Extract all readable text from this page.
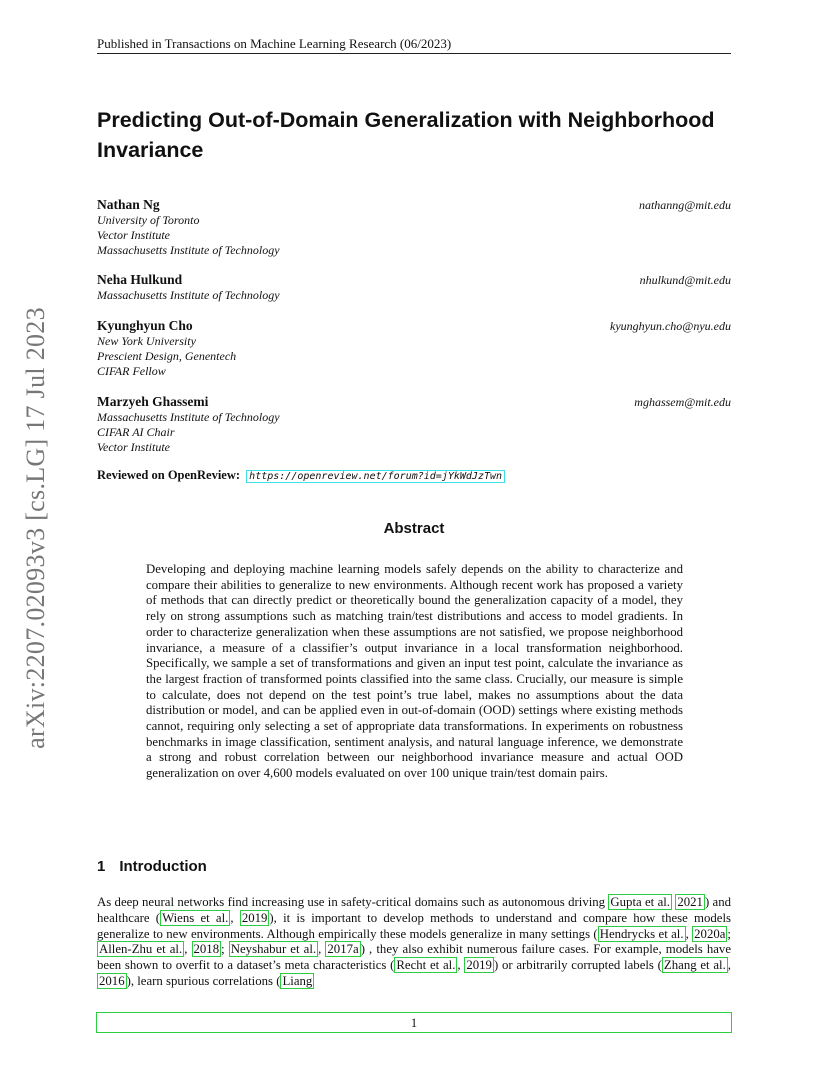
Published in Transactions on Machine Learning Research (06/2023)
arXiv:2207.02093v3 [cs.LG] 17 Jul 2023
Predicting Out-of-Domain Generalization with Neighborhood Invariance
Nathan Ng	nathanng@mit.edu
University of Toronto
Vector Institute
Massachusetts Institute of Technology
Neha Hulkund	nhulkund@mit.edu
Massachusetts Institute of Technology
Kyunghyun Cho	kyunghyun.cho@nyu.edu
New York University
Prescient Design, Genentech
CIFAR Fellow
Marzyeh Ghassemi	mghassem@mit.edu
Massachusetts Institute of Technology
CIFAR AI Chair
Vector Institute
Reviewed on OpenReview: https://openreview.net/forum?id=jYkWdJzTwn
Abstract
Developing and deploying machine learning models safely depends on the ability to characterize and compare their abilities to generalize to new environments. Although recent work has proposed a variety of methods that can directly predict or theoretically bound the generalization capacity of a model, they rely on strong assumptions such as matching train/test distributions and access to model gradients. In order to characterize generalization when these assumptions are not satisfied, we propose neighborhood invariance, a measure of a classifier’s output invariance in a local transformation neighborhood. Specifically, we sample a set of transformations and given an input test point, calculate the invariance as the largest fraction of transformed points classified into the same class. Crucially, our measure is simple to calculate, does not depend on the test point’s true label, makes no assumptions about the data distribution or model, and can be applied even in out-of-domain (OOD) settings where existing methods cannot, requiring only selecting a set of appropriate data transformations. In experiments on robustness benchmarks in image classification, sentiment analysis, and natural language inference, we demonstrate a strong and robust correlation between our neighborhood invariance measure and actual OOD generalization on over 4,600 models evaluated on over 100 unique train/test domain pairs.
1 Introduction
As deep neural networks find increasing use in safety-critical domains such as autonomous driving Gupta et al. 2021 ) and healthcare ( Wiens et al. , 2019 ), it is important to develop methods to understand and compare how these models generalize to new environments. Although empirically these models generalize in many settings ( Hendrycks et al. , 2020a ; Allen-Zhu et al. , 2018 ; Neyshabur et al. , 2017a ) , they also exhibit numerous failure cases. For example, models have been shown to overfit to a dataset’s meta characteristics ( Recht et al. , 2019 ) or arbitrarily corrupted labels ( Zhang et al. , 2016 ), learn spurious correlations ( Liang
1
